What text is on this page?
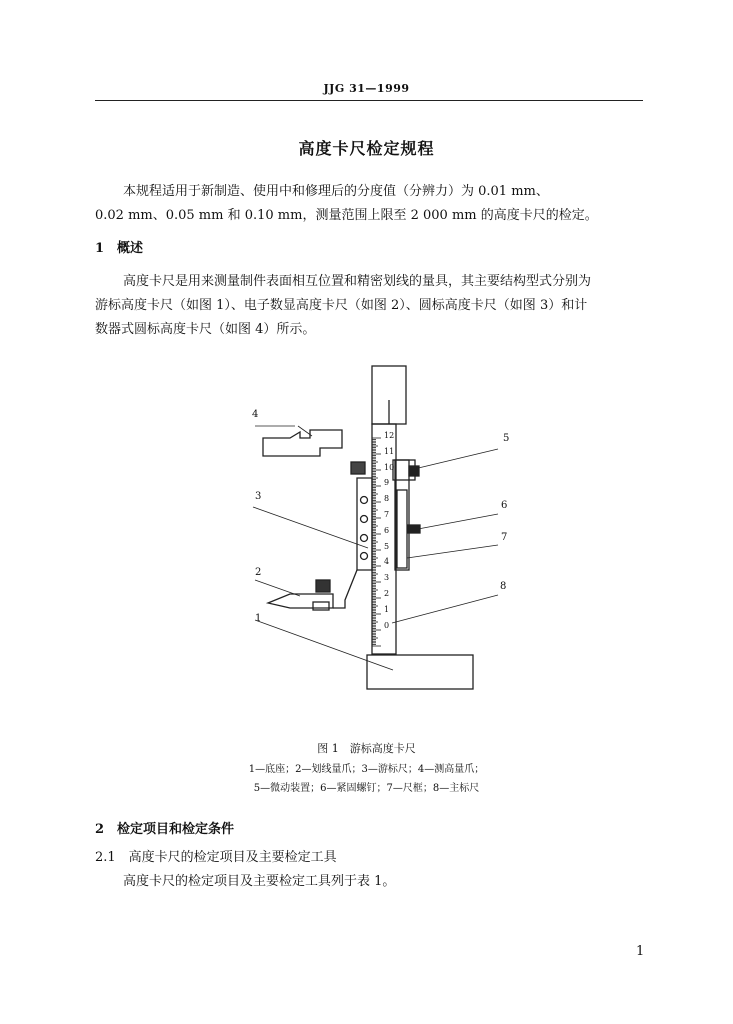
JJG 31—1999
高度卡尺检定规程
本规程适用于新制造、使用中和修理后的分度值（分辨力）为 0.01 mm、
0.02 mm、0.05 mm 和 0.10 mm，测量范围上限至 2 000 mm 的高度卡尺的检定。
1　概述
高度卡尺是用来测量制件表面相互位置和精密划线的量具，其主要结构型式分别为
游标高度卡尺（如图 1）、电子数显高度卡尺（如图 2）、圆标高度卡尺（如图 3）和计
数器式圆标高度卡尺（如图 4）所示。
12
11
10
9
8
7
6
5
4
3
2
1
0
4
5
3
6
7
2
8
1
图 1　游标高度卡尺
1—底座；2—划线量爪；3—游标尺；4—测高量爪；
5—微动装置；6—紧固螺钉；7—尺框；8—主标尺
2　检定项目和检定条件
2.1　高度卡尺的检定项目及主要检定工具
高度卡尺的检定项目及主要检定工具列于表 1。
1
